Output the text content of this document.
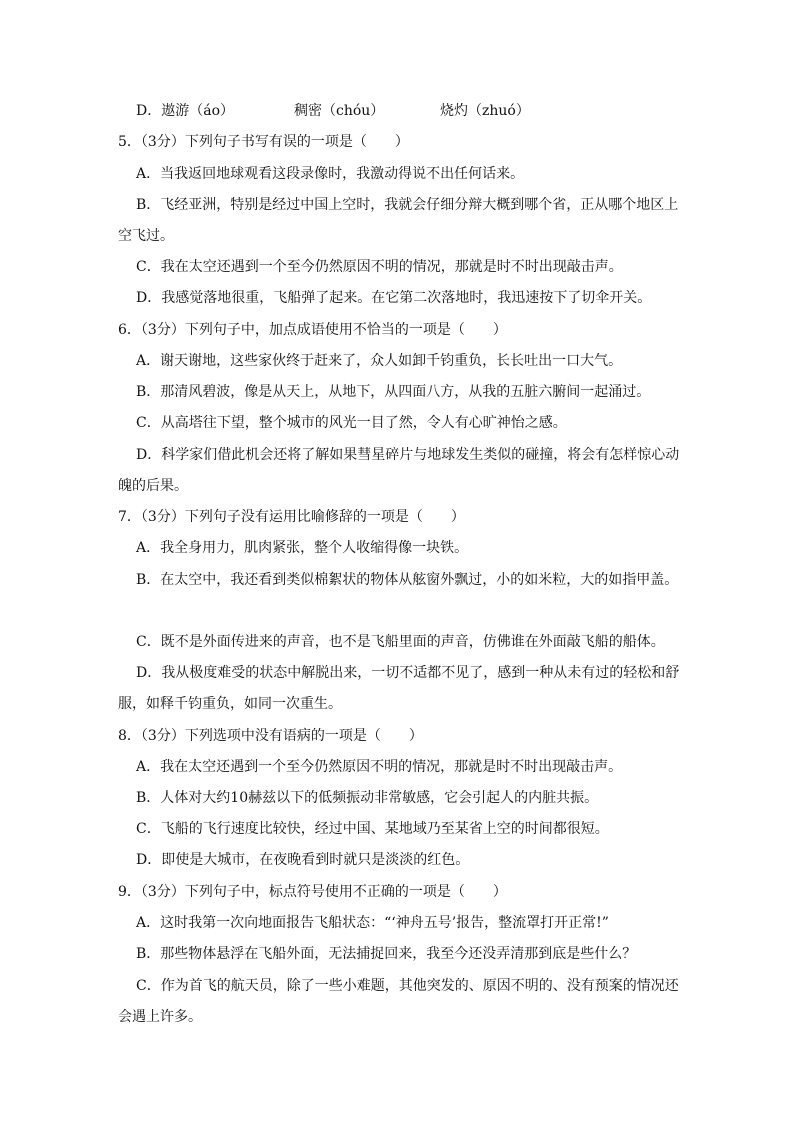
D．遨游（áo）	稠密（chóu）	烧灼（zhuó）
5．（3分）下列句子书写有误的一项是（　　）
A．当我返回地球观看这段录像时，我激动得说不出任何话来。
B．飞经亚洲，特别是经过中国上空时，我就会仔细分辩大概到哪个省，正从哪个地区上
空飞过。
C．我在太空还遇到一个至今仍然原因不明的情况，那就是时不时出现敲击声。
D．我感觉落地很重，飞船弹了起来。在它第二次落地时，我迅速按下了切伞开关。
6．（3分）下列句子中，加点成语使用不恰当的一项是（　　）
A．谢天谢地，这些家伙终于赶来了，众人如卸千钧重负，长长吐出一口大气。
B．那清风碧波，像是从天上，从地下，从四面八方，从我的五脏六腑间一起涌过。
C．从高塔往下望，整个城市的风光一目了然，令人有心旷神怡之感。
D．科学家们借此机会还将了解如果彗星碎片与地球发生类似的碰撞，将会有怎样惊心动
魄的后果。
7．（3分）下列句子没有运用比喻修辞的一项是（　　）
A．我全身用力，肌肉紧张，整个人收缩得像一块铁。
B．在太空中，我还看到类似棉絮状的物体从舷窗外飘过，小的如米粒，大的如指甲盖。
C．既不是外面传进来的声音，也不是飞船里面的声音，仿佛谁在外面敲飞船的船体。
D．我从极度难受的状态中解脱出来，一切不适都不见了，感到一种从未有过的轻松和舒
服，如释千钧重负，如同一次重生。
8．（3分）下列选项中没有语病的一项是（　　）
A．我在太空还遇到一个至今仍然原因不明的情况，那就是时不时出现敲击声。
B．人体对大约10赫兹以下的低频振动非常敏感，它会引起人的内脏共振。
C．飞船的飞行速度比较快，经过中国、某地域乃至某省上空的时间都很短。
D．即使是大城市，在夜晚看到时就只是淡淡的红色。
9．（3分）下列句子中，标点符号使用不正确的一项是（　　）
A．这时我第一次向地面报告飞船状态：“‘神舟五号’报告，整流罩打开正常!”
B．那些物体悬浮在飞船外面，无法捕捉回来，我至今还没弄清那到底是些什么？
C．作为首飞的航天员，除了一些小难题，其他突发的、原因不明的、没有预案的情况还
会遇上许多。
